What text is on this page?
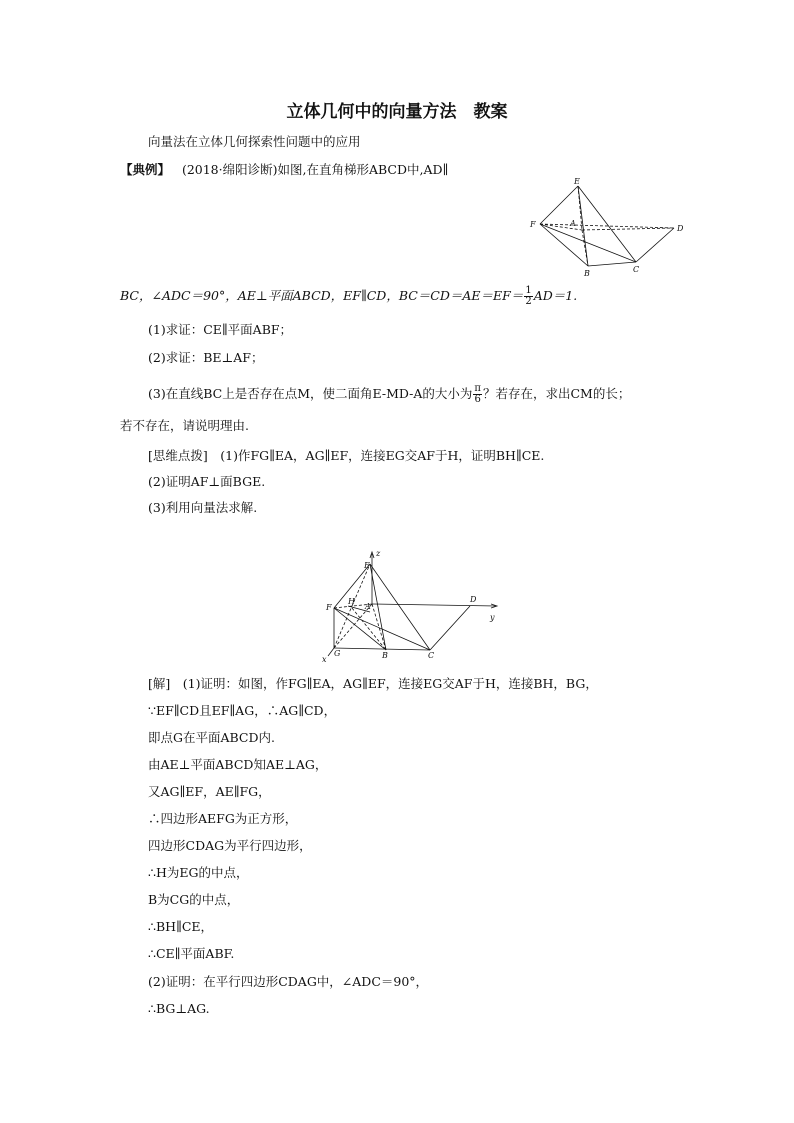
立体几何中的向量方法　教案
向量法在立体几何探索性问题中的应用
【典例】 (2018·绵阳诊断)如图,在直角梯形ABCD中,AD∥
E
A
F	D
B	C
BC，∠ADC＝90°，AE⊥平面ABCD，EF∥CD，$BC=CD=AE=EF= \frac{1}{2} AD=1$.
(1)求证：CE∥平面ABF；
(2)求证：BE⊥AF；
(3)在直线BC上是否存在点M，使二面角E-MD-A的大小为 $\frac{\pi}{6}$ ？若存在，求出CM的长；
若不存在，请说明理由.
[思维点拨]　(1)作FG∥EA，AG∥EF，连接EG交AF于H，证明BH∥CE.
(2)证明AF⊥面BGE.
(3)利用向量法求解.
z
E
H
A
F
D
y
G	B	C
x
[解]　(1)证明：如图，作FG∥EA，AG∥EF，连接EG交AF于H，连接BH，BG，
∵EF∥CD且EF∥AG，∴AG∥CD，
即点G在平面ABCD内.
由AE⊥平面ABCD知AE⊥AG，
又AG∥EF，AE∥FG，
∴四边形AEFG为正方形，
四边形CDAG为平行四边形，
∴H为EG的中点，
B为CG的中点，
∴BH∥CE，
∴CE∥平面ABF.
(2)证明：在平行四边形CDAG中，∠ADC＝90°，
∴BG⊥AG.
